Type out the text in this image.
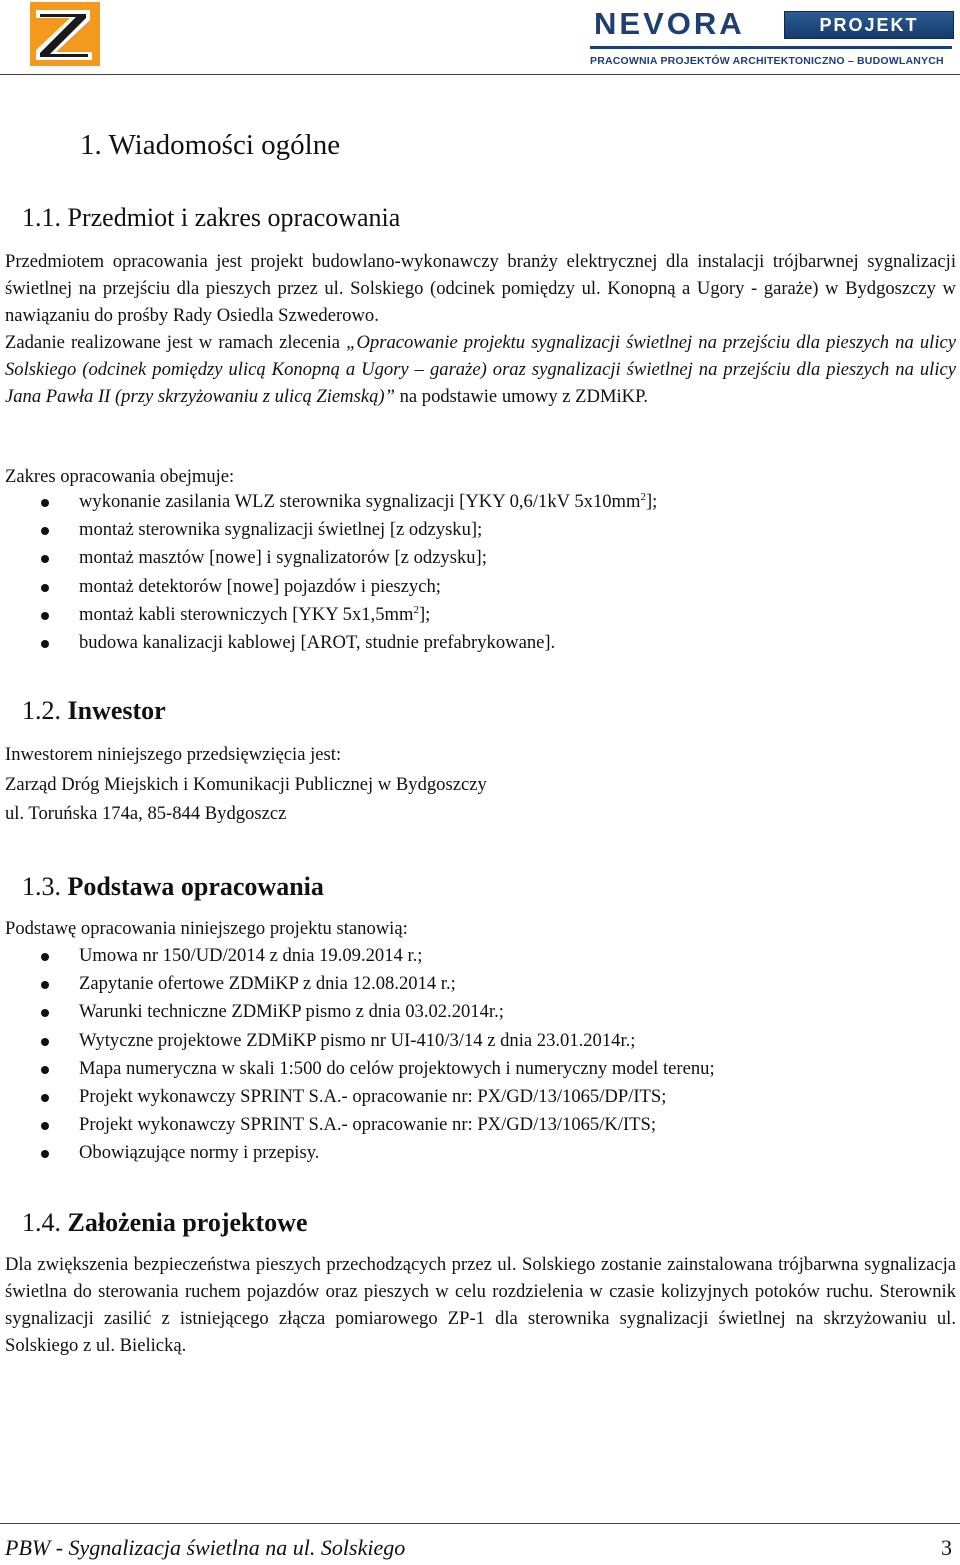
NEVORA	PROJEKT
PRACOWNIA PROJEKTÓW ARCHITEKTONICZNO – BUDOWLANYCH
1. Wiadomości ogólne
1.1. Przedmiot i zakres opracowania

Przedmiotem opracowania jest projekt budowlano-wykonawczy branży elektrycznej dla instalacji trójbarwnej sygnalizacji świetlnej na przejściu dla pieszych przez ul. Solskiego (odcinek pomiędzy ul. Konopną a Ugory - garaże) w Bydgoszczy w nawiązaniu do prośby Rady Osiedla Szwederowo.

Zadanie realizowane jest w ramach zlecenia „Opracowanie projektu sygnalizacji świetlnej na przejściu dla pieszych na ulicy Solskiego (odcinek pomiędzy ulicą Konopną a Ugory – garaże) oraz sygnalizacji świetlnej na przejściu dla pieszych na ulicy Jana Pawła II (przy skrzyżowaniu z ulicą Ziemską)” na podstawie umowy z ZDMiKP.

Zakres opracowania obejmuje:

wykonanie zasilania WLZ sterownika sygnalizacji [YKY 0,6/1kV $5x10mm^2$];
montaż sterownika sygnalizacji świetlnej [z odzysku];
montaż masztów [nowe] i sygnalizatorów [z odzysku];
montaż detektorów [nowe] pojazdów i pieszych;
montaż kabli sterowniczych [YKY $5x1,5mm^2$];
budowa kanalizacji kablowej [AROT, studnie prefabrykowane].
1.2. Inwestor

Inwestorem niniejszego przedsięwzięcia jest:

Zarząd Dróg Miejskich i Komunikacji Publicznej w Bydgoszczy

ul. Toruńska 174a, 85-844 Bydgoszcz

1.3. Podstawa opracowania

Podstawę opracowania niniejszego projektu stanowią:

Umowa nr 150/UD/2014 z dnia 19.09.2014 r.;
Zapytanie ofertowe ZDMiKP z dnia 12.08.2014 r.;
Warunki techniczne ZDMiKP pismo z dnia 03.02.2014r.;
Wytyczne projektowe ZDMiKP pismo nr UI-410/3/14 z dnia 23.01.2014r.;
Mapa numeryczna w skali 1:500 do celów projektowych i numeryczny model terenu;
Projekt wykonawczy SPRINT S.A.- opracowanie nr: PX/GD/13/1065/DP/ITS;
Projekt wykonawczy SPRINT S.A.- opracowanie nr: PX/GD/13/1065/K/ITS;
Obowiązujące normy i przepisy.
1.4. Założenia projektowe

Dla zwiększenia bezpieczeństwa pieszych przechodzących przez ul. Solskiego zostanie zainstalowana trójbarwna sygnalizacja świetlna do sterowania ruchem pojazdów oraz pieszych w celu rozdzielenia w czasie kolizyjnych potoków ruchu. Sterownik sygnalizacji zasilić z istniejącego złącza pomiarowego ZP-1 dla sterownika sygnalizacji świetlnej na skrzyżowaniu ul. Solskiego z ul. Bielicką.

PBW - Sygnalizacja świetlna na ul. Solskiego	3
